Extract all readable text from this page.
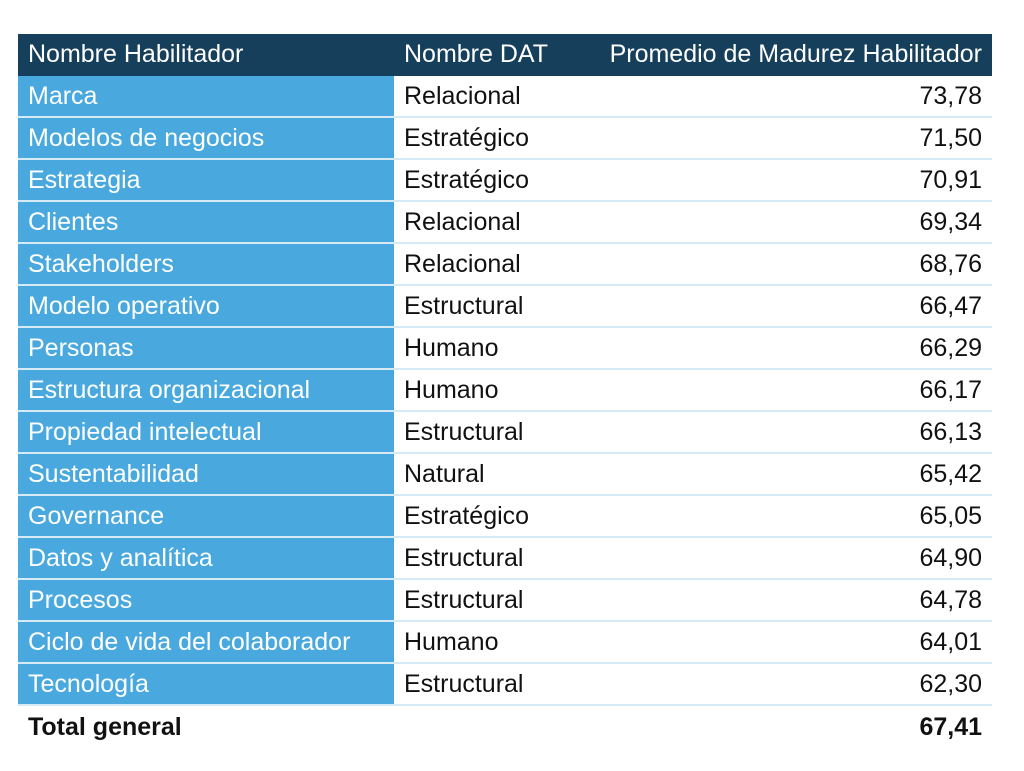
Nombre Habilitador	Nombre DAT	Promedio de Madurez Habilitador
Marca	Relacional	73,78
Modelos de negocios	Estratégico	71,50
Estrategia	Estratégico	70,91
Clientes	Relacional	69,34
Stakeholders	Relacional	68,76
Modelo operativo	Estructural	66,47
Personas	Humano	66,29
Estructura organizacional	Humano	66,17
Propiedad intelectual	Estructural	66,13
Sustentabilidad	Natural	65,42
Governance	Estratégico	65,05
Datos y analítica	Estructural	64,90
Procesos	Estructural	64,78
Ciclo de vida del colaborador	Humano	64,01
Tecnología	Estructural	62,30
Total general		67,41
